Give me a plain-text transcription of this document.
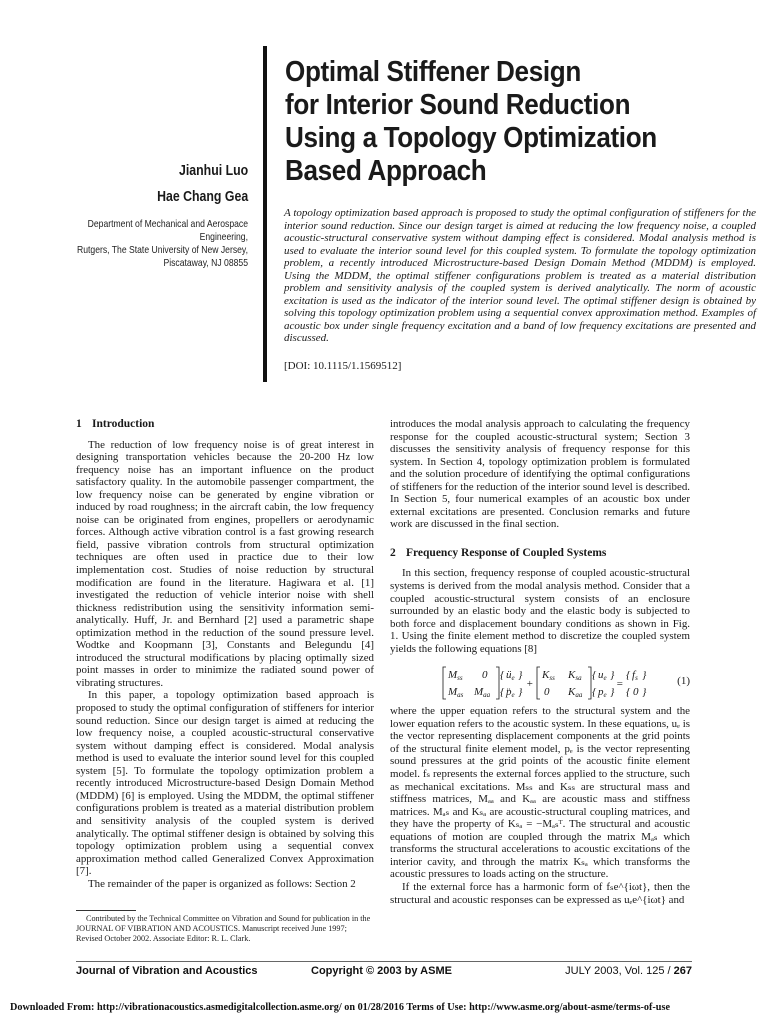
Optimal Stiffener Design
for Interior Sound Reduction
Using a Topology Optimization
Based Approach
Jianhui Luo
Hae Chang Gea
Department of Mechanical and Aerospace
Engineering,
Rutgers, The State University of New Jersey,
Piscataway, NJ 08855
A topology optimization based approach is proposed to study the optimal configuration of stiffeners for the interior sound reduction. Since our design target is aimed at reducing the low frequency noise, a coupled acoustic-structural conservative system without damping effect is considered. Modal analysis method is used to evaluate the interior sound level for this coupled system. To formulate the topology optimization problem, a recently introduced Microstructure-based Design Domain Method (MDDM) is employed. Using the MDDM, the optimal stiffener configurations problem is treated as a material distribution problem and sensitivity analysis of the coupled system is derived analytically. The norm of acoustic excitation is used as the indicator of the interior sound level. The optimal stiffener design is obtained by solving this topology optimization problem using a sequential convex approximation method. Examples of acoustic box under single frequency excitation and a band of low frequency excitations are presented and discussed.
[DOI: 10.1115/1.1569512]
1 Introduction

The reduction of low frequency noise is of great interest in designing transportation vehicles because the 20-200 Hz low frequency noise has an important influence on the product satisfactory quality. In the automobile passenger compartment, the low frequency noise can be generated by engine vibration or induced by road roughness; in the aircraft cabin, the low frequency noise can be originated from engines, propellers or aerodynamic forces. Although active vibration control is a fast growing research field, passive vibration controls from structural optimization techniques are often used in practice due to their low implementation cost. Studies of noise reduction by structural modification are found in the literature. Hagiwara et al. [1] investigated the reduction of vehicle interior noise with shell thickness redistribution using the sensitivity information semi-analytically. Huff, Jr. and Bernhard [2] used a parametric shape optimization method in the reduction of the sound pressure level. Wodtke and Koopmann [3], Constants and Belegundu [4] introduced the structural modifications by placing optimally sized point masses in order to minimize the radiated sound power of vibrating structures.

In this paper, a topology optimization based approach is proposed to study the optimal configuration of stiffeners for interior sound reduction. Since our design target is aimed at reducing the low frequency noise, a coupled acoustic-structural conservative system without damping effect is considered. Modal analysis method is used to evaluate the interior sound level for this coupled system [5]. To formulate the topology optimization problem a recently introduced Microstructure-based Design Domain Method (MDDM) [6] is employed. Using the MDDM, the optimal stiffener configurations problem is treated as a material distribution problem and sensitivity analysis of the coupled system is derived analytically. The optimal stiffener design is obtained by solving this topology optimization problem using a sequential convex approximation method called Generalized Convex Approximation [7].

The remainder of the paper is organized as follows: Section 2

introduces the modal analysis approach to calculating the frequency response for the coupled acoustic-structural system; Section 3 discusses the sensitivity analysis of frequency response for this system. In Section 4, topology optimization problem is formulated and the solution procedure of identifying the optimal configurations of stiffeners for the reduction of the interior sound level is described. In Section 5, four numerical examples of an acoustic box under external excitations are presented. Conclusion remarks and future work are discussed in the final section.

2 Frequency Response of Coupled Systems

In this section, frequency response of coupled acoustic-structural systems is derived from the modal analysis method. Consider that a coupled acoustic-structural system consists of an enclosure surrounded by an elastic body and the elastic body is subjected to both force and displacement boundary conditions as shown in Fig. 1. Using the finite element method to discretize the coupled system yields the following equations [8]

Mss 0
Mas Maa
{
{
üe
p̈e
}
}
+
Kss Ksa
0 Kaa
{
{
ue
pe
}
}
=
{
{
fs
0
}
}
(1)

where the upper equation refers to the structural system and the lower equation refers to the acoustic system. In these equations, uₑ is the vector representing displacement components at the grid points of the structural finite element model, pₑ is the vector representing sound pressures at the grid points of the acoustic finite element model. fₛ represents the external forces applied to the structure, such as mechanical excitations. Mₛₛ and Kₛₛ are structural mass and stiffness matrices, Mₐₐ and Kₐₐ are acoustic mass and stiffness matrices. Mₐₛ and Kₛₐ are acoustic-structural coupling matrices, and they have the property of Kₛₐ = −Mₐₛᵀ. The structural and acoustic equations of motion are coupled through the matrix Mₐₛ which transforms the structural accelerations to acoustic excitations of the interior cavity, and through the matrix Kₛₐ which transforms the acoustic pressures to loads acting on the structure.

If the external force has a harmonic form of fₛe^{iωt}, then the structural and acoustic responses can be expressed as uₑe^{iωt} and

Contributed by the Technical Committee on Vibration and Sound for publication in the JOURNAL OF VIBRATION AND ACOUSTICS. Manuscript received June 1997; Revised October 2002. Associate Editor: R. L. Clark.
Journal of Vibration and Acoustics	Copyright © 2003 by ASME	JULY 2003, Vol. 125 / 267
Downloaded From: http://vibrationacoustics.asmedigitalcollection.asme.org/ on 01/28/2016 Terms of Use: http://www.asme.org/about-asme/terms-of-use
